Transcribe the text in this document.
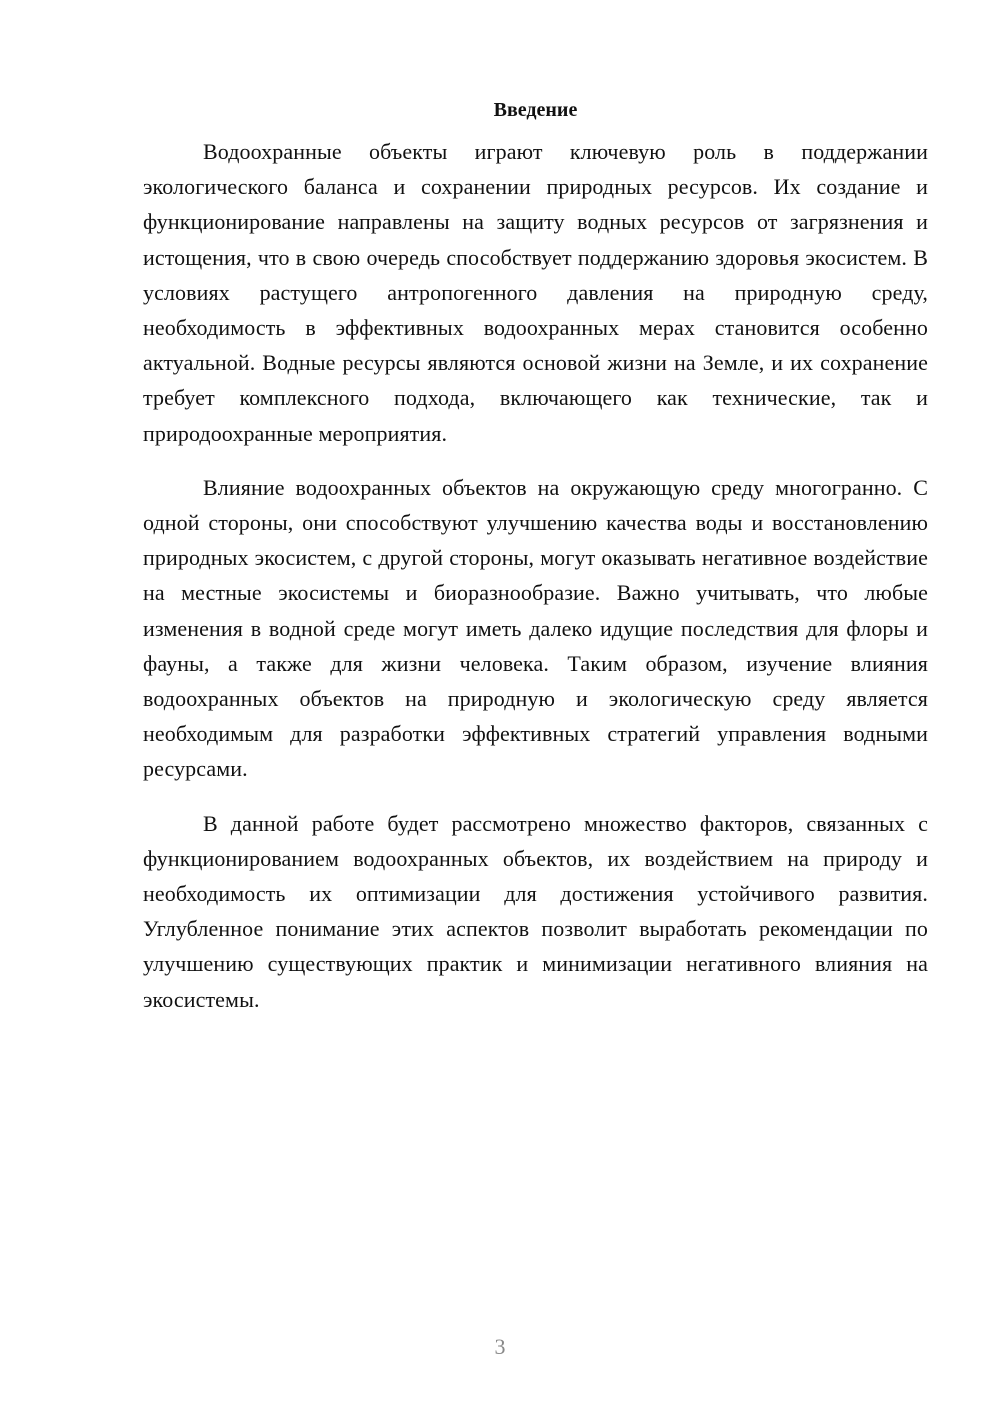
Введение

Водоохранные объекты играют ключевую роль в поддержании экологического баланса и сохранении природных ресурсов. Их создание и функционирование направлены на защиту водных ресурсов от загрязнения и истощения, что в свою очередь способствует поддержанию здоровья экосистем. В условиях растущего антропогенного давления на природную среду, необходимость в эффективных водоохранных мерах становится особенно актуальной. Водные ресурсы являются основой жизни на Земле, и их сохранение требует комплексного подхода, включающего как технические, так и природоохранные мероприятия.

Влияние водоохранных объектов на окружающую среду многогранно. С одной стороны, они способствуют улучшению качества воды и восстановлению природных экосистем, с другой стороны, могут оказывать негативное воздействие на местные экосистемы и биоразнообразие. Важно учитывать, что любые изменения в водной среде могут иметь далеко идущие последствия для флоры и фауны, а также для жизни человека. Таким образом, изучение влияния водоохранных объектов на природную и экологическую среду является необходимым для разработки эффективных стратегий управления водными ресурсами.

В данной работе будет рассмотрено множество факторов, связанных с функционированием водоохранных объектов, их воздействием на природу и необходимость их оптимизации для достижения устойчивого развития. Углубленное понимание этих аспектов позволит выработать рекомендации по улучшению существующих практик и минимизации негативного влияния на экосистемы.

3
